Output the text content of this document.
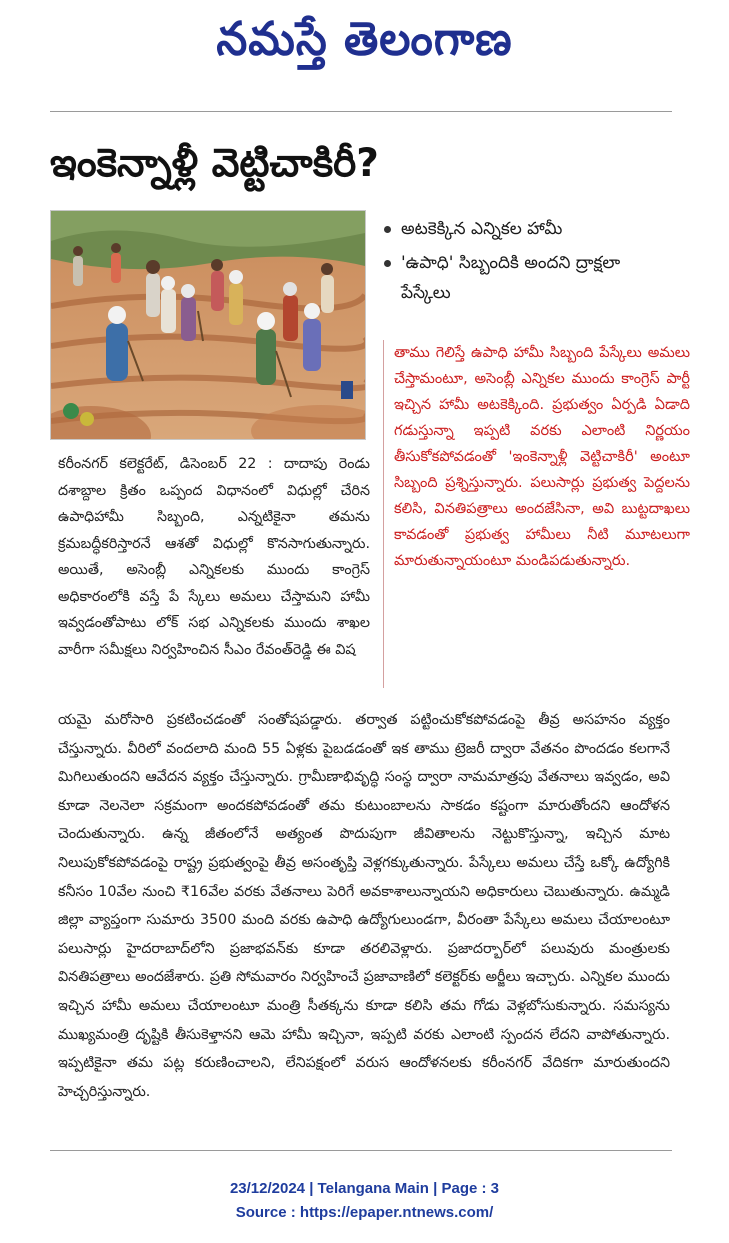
నమస్తే తెలంగాణ
ఇంకెన్నాళ్లీ వెట్టిచాకిరీ?
అటకెక్కిన ఎన్నికల హామీ
'ఉపాధి' సిబ్బందికి అందని ద్రాక్షలా పేస్కేలు
తాము గెలిస్తే ఉపాధి హామీ సిబ్బంది పేస్కేలు అమలు చేస్తామంటూ, అసెంబ్లీ ఎన్నికల ముందు కాంగ్రెస్ పార్టీ ఇచ్చిన హామీ అటకెక్కింది. ప్రభుత్వం ఏర్పడి ఏడాది గడుస్తున్నా ఇప్పటి వరకు ఎలాంటి నిర్ణయం తీసుకోకపోవడంతో 'ఇంకెన్నాళ్లీ వెట్టిచాకిరీ' అంటూ సిబ్బంది ప్రశ్నిస్తున్నారు. పలుసార్లు ప్రభుత్వ పెద్దలను కలిసి, వినతిపత్రాలు అందజేసినా, అవి బుట్టదాఖలు కావడంతో ప్రభుత్వ హామీలు నీటి మూటలుగా మారుతున్నాయంటూ మండిపడుతున్నారు.
కరీంనగర్ కలెక్టరేట్, డిసెంబర్ 22 : దాదాపు రెండు దశాబ్దాల క్రితం ఒప్పంద విధానంలో విధుల్లో చేరిన ఉపాధిహామీ సిబ్బంది, ఎన్నటికైనా తమను క్రమబద్ధీకరిస్తారనే ఆశతో విధుల్లో కొనసాగుతున్నారు. అయితే, అసెంబ్లీ ఎన్నికలకు ముందు కాంగ్రెస్ అధికారంలోకి వస్తే పే స్కేలు అమలు చేస్తామని హామీ ఇవ్వడంతోపాటు లోక్ సభ ఎన్నికలకు ముందు శాఖల వారీగా సమీక్షలు నిర్వహించిన సీఎం రేవంత్‌రెడ్డి ఈ విష
యమై మరోసారి ప్రకటించడంతో సంతోషపడ్డారు. తర్వాత పట్టించుకోకపోవడంపై తీవ్ర అసహనం వ్యక్తం చేస్తున్నారు. వీరిలో వందలాది మంది 55 ఏళ్లకు పైబడడంతో ఇక తాము ట్రెజరీ ద్వారా వేతనం పొందడం కలగానే మిగిలుతుందని ఆవేదన వ్యక్తం చేస్తున్నారు. గ్రామీణాభివృద్ధి సంస్థ ద్వారా నామమాత్రపు వేతనాలు ఇవ్వడం, అవి కూడా నెలనెలా సక్రమంగా అందకపోవడంతో తమ కుటుంబాలను సాకడం కష్టంగా మారుతోందని ఆందోళన చెందుతున్నారు. ఉన్న జీతంలోనే అత్యంత పొదుపుగా జీవితాలను నెట్టుకొస్తున్నా, ఇచ్చిన మాట నిలుపుకోకపోవడంపై రాష్ట్ర ప్రభుత్వంపై తీవ్ర అసంతృప్తి వెళ్లగక్కుతున్నారు. పేస్కేలు అమలు చేస్తే ఒక్కో ఉద్యోగికి కనీసం 10వేల నుంచి ₹16వేల వరకు వేతనాలు పెరిగే అవకాశాలున్నాయని అధికారులు చెబుతున్నారు. ఉమ్మడి జిల్లా వ్యాప్తంగా సుమారు 3500 మంది వరకు ఉపాధి ఉద్యోగులుండగా, వీరంతా పేస్కేలు అమలు చేయాలంటూ పలుసార్లు హైదరాబాద్‌లోని ప్రజాభవన్‌కు కూడా తరలివెళ్లారు. ప్రజాదర్బార్‌లో పలువురు మంత్రులకు వినతిపత్రాలు అందజేశారు. ప్రతి సోమవారం నిర్వహించే ప్రజావాణిలో కలెక్టర్‌కు అర్జీలు ఇచ్చారు. ఎన్నికల ముందు ఇచ్చిన హామీ అమలు చేయాలంటూ మంత్రి సీతక్కను కూడా కలిసి తమ గోడు వెళ్లబోసుకున్నారు. సమస్యను ముఖ్యమంత్రి దృష్టికి తీసుకెళ్తానని ఆమె హామీ ఇచ్చినా, ఇప్పటి వరకు ఎలాంటి స్పందన లేదని వాపోతున్నారు. ఇప్పటికైనా తమ పట్ల కరుణించాలని, లేనిపక్షంలో వరుస ఆందోళనలకు కరీంనగర్ వేదికగా మారుతుందని హెచ్చరిస్తున్నారు.
23/12/2024 | Telangana Main | Page : 3
Source : https://epaper.ntnews.com/
